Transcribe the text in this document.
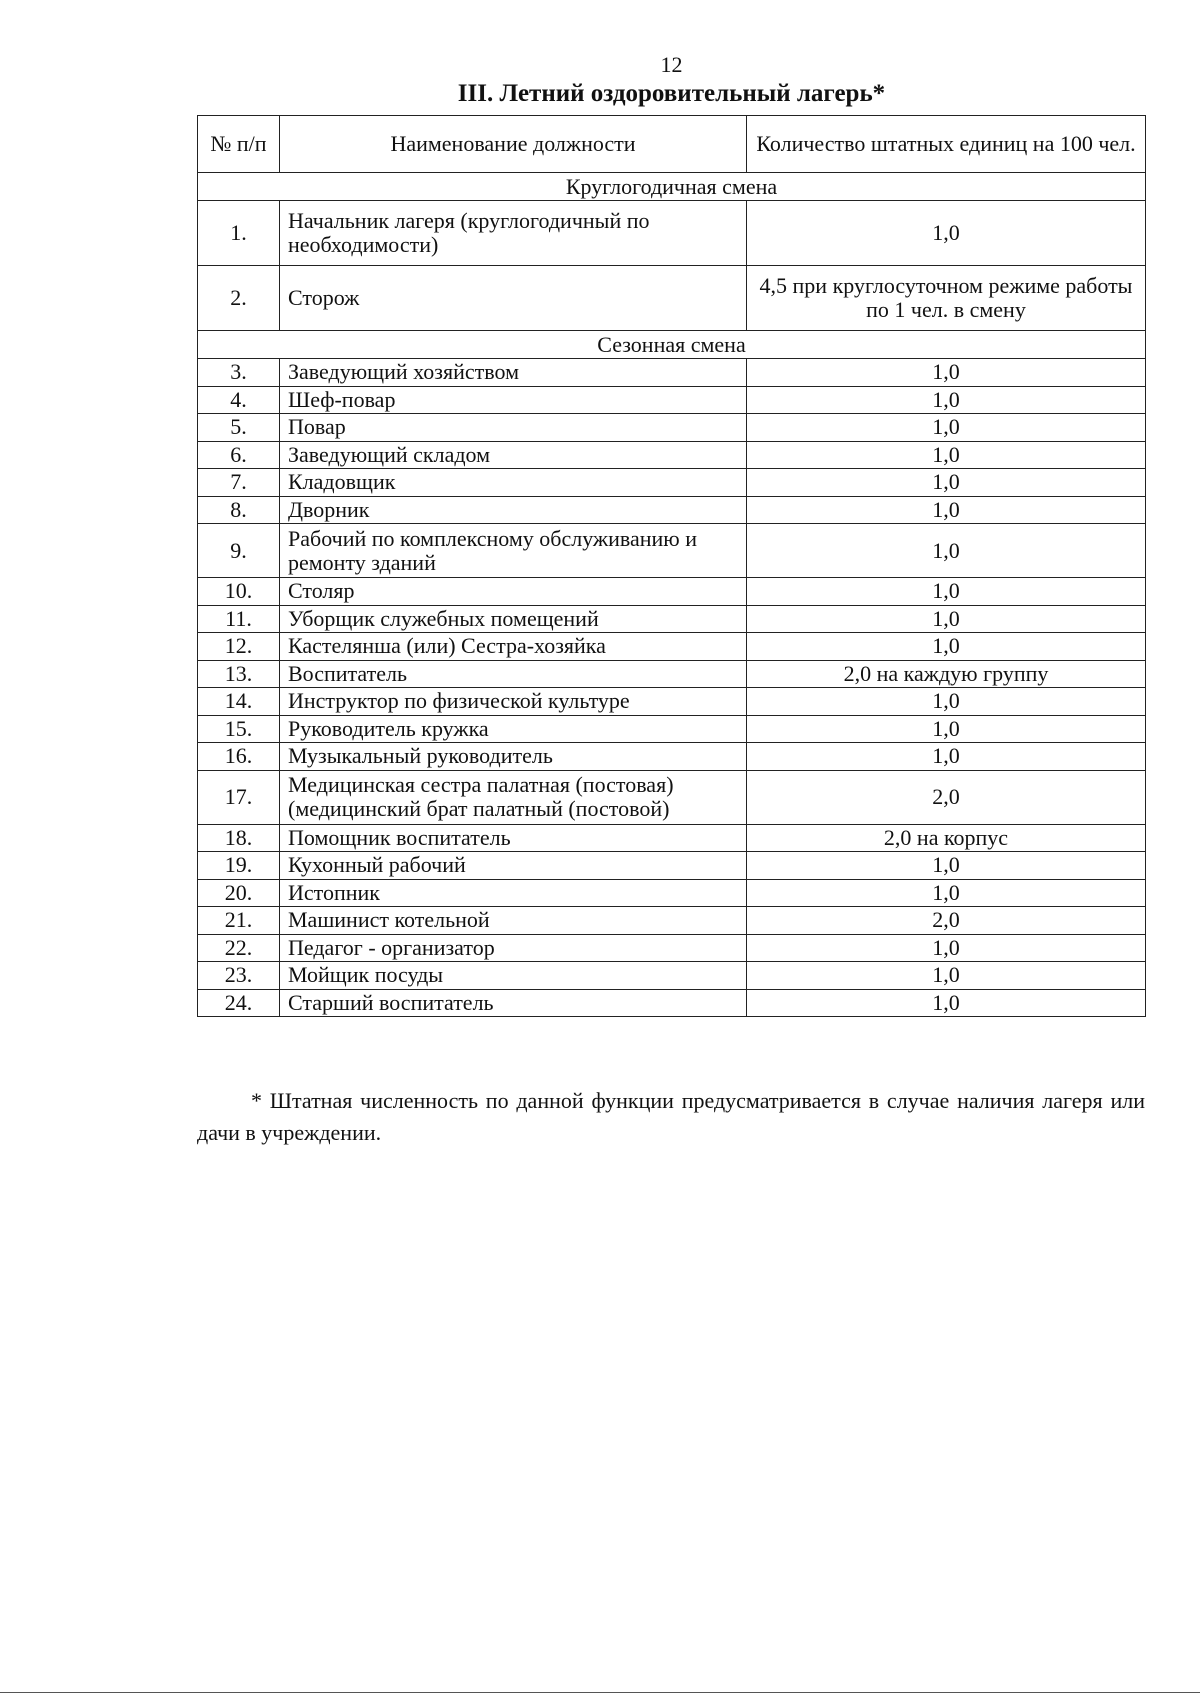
12
III. Летний оздоровительный лагерь*
№ п/п	Наименование должности	Количество штатных единиц на 100 чел.
Круглогодичная смена		
1.	Начальник лагеря (круглогодичный по необходимости)	1,0
2.	Сторож	4,5 при круглосуточном режиме работы по 1 чел. в смену
Сезонная смена		
3.	Заведующий хозяйством	1,0
4.	Шеф-повар	1,0
5.	Повар	1,0
6.	Заведующий складом	1,0
7.	Кладовщик	1,0
8.	Дворник	1,0
9.	Рабочий по комплексному обслуживанию и ремонту зданий	1,0
10.	Столяр	1,0
11.	Уборщик служебных помещений	1,0
12.	Кастелянша (или) Сестра-хозяйка	1,0
13.	Воспитатель	2,0 на каждую группу
14.	Инструктор по физической культуре	1,0
15.	Руководитель кружка	1,0
16.	Музыкальный руководитель	1,0
17.	Медицинская сестра палатная (постовая) (медицинский брат палатный (постовой)	2,0
18.	Помощник воспитатель	2,0 на корпус
19.	Кухонный рабочий	1,0
20.	Истопник	1,0
21.	Машинист котельной	2,0
22.	Педагог - организатор	1,0
23.	Мойщик посуды	1,0
24.	Старший воспитатель	1,0
* Штатная численность по данной функции предусматривается в случае наличия лагеря или дачи в учреждении.
